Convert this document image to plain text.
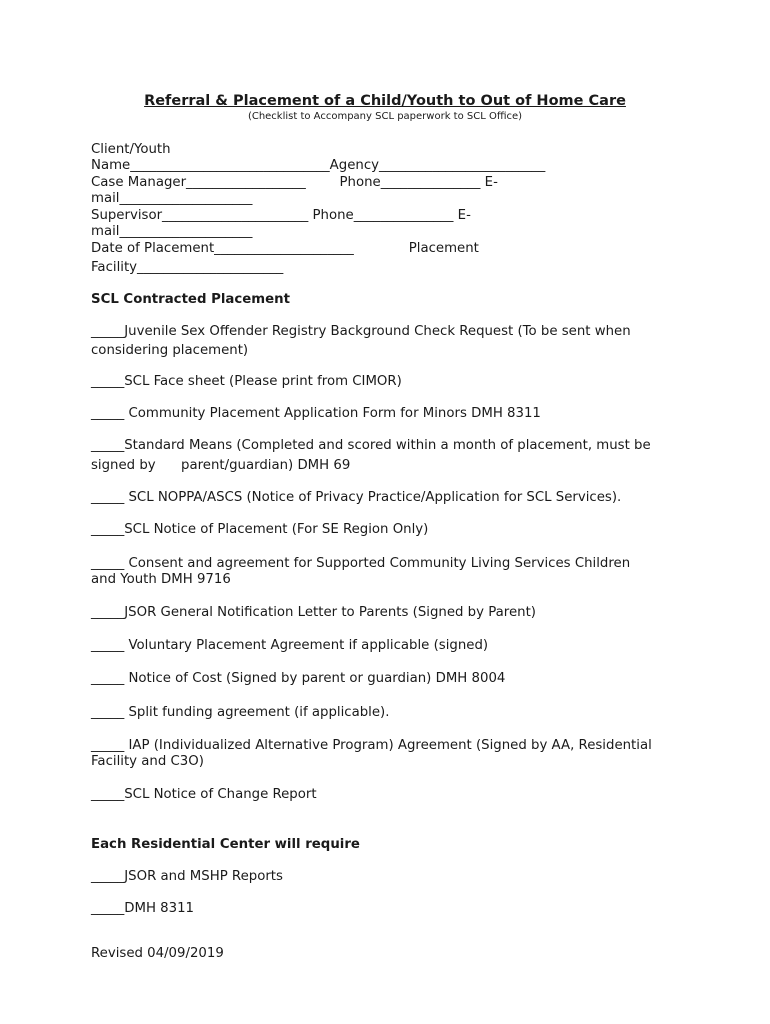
Referral & Placement of a Child/Youth to Out of Home Care
(Checklist to Accompany SCL paperwork to SCL Office)

Client/Youth

Name______________________________Agency_________________________

Case Manager__________________        Phone_______________ E-

mail____________________

Supervisor______________________ Phone_______________ E-

mail____________________

Date of Placement_____________________             Placement

Facility______________________

SCL Contracted Placement

_____Juvenile Sex Offender Registry Background Check Request (To be sent when

considering placement)

_____SCL Face sheet (Please print from CIMOR)

_____ Community Placement Application Form for Minors DMH 8311

_____Standard Means (Completed and scored within a month of placement, must be

signed by      parent/guardian) DMH 69

_____ SCL NOPPA/ASCS (Notice of Privacy Practice/Application for SCL Services).

_____SCL Notice of Placement (For SE Region Only)

_____ Consent and agreement for Supported Community Living Services Children

and Youth DMH 9716

_____JSOR General Notification Letter to Parents (Signed by Parent)

_____ Voluntary Placement Agreement if applicable (signed)

_____ Notice of Cost (Signed by parent or guardian) DMH 8004

_____ Split funding agreement (if applicable).

_____ IAP (Individualized Alternative Program) Agreement (Signed by AA, Residential

Facility and C3O)

_____SCL Notice of Change Report

Each Residential Center will require

_____JSOR and MSHP Reports

_____DMH 8311

Revised 04/09/2019
